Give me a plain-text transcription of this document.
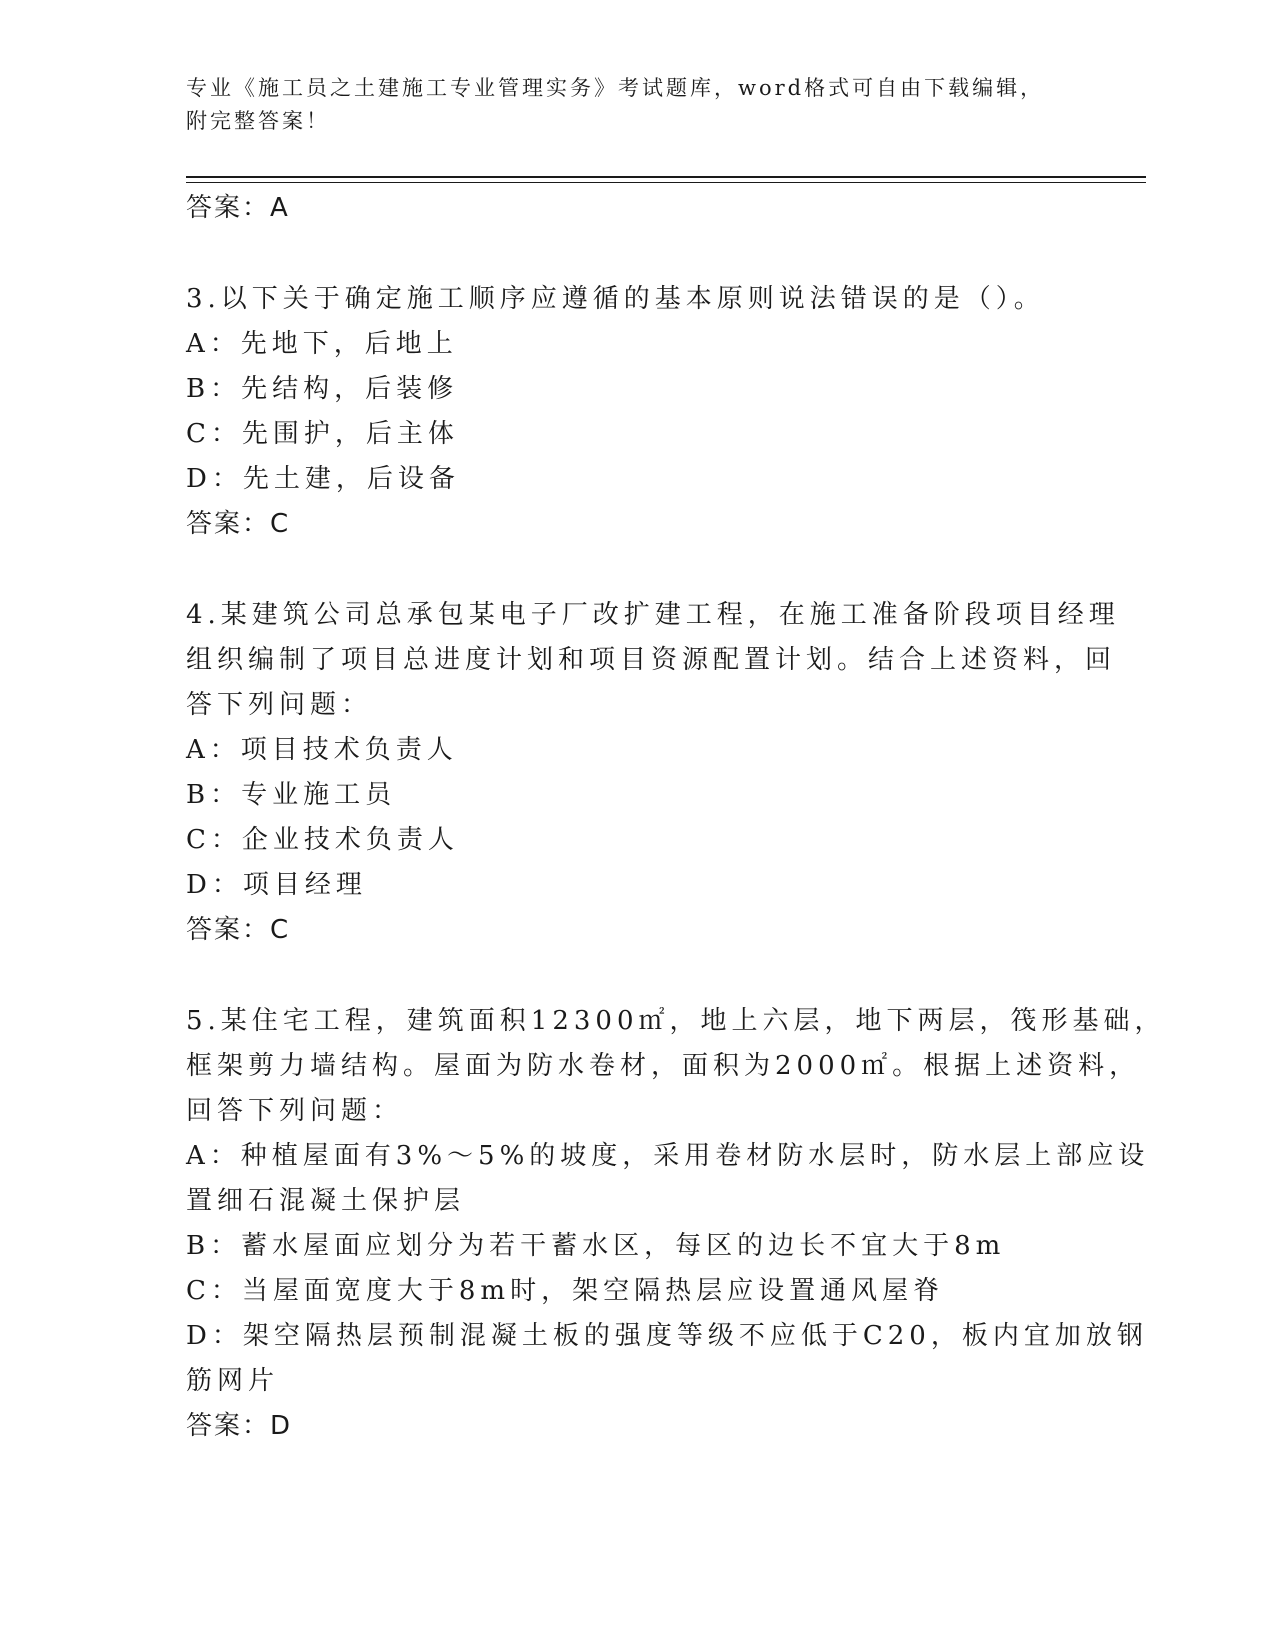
专业《施工员之土建施工专业管理实务》考试题库，word格式可自由下载编辑，
附完整答案！
答案：A
3.以下关于确定施工顺序应遵循的基本原则说法错误的是（）。
A：先地下，后地上
B：先结构，后装修
C：先围护，后主体
D：先土建，后设备
答案：C
4.某建筑公司总承包某电子厂改扩建工程，在施工准备阶段项目经理
组织编制了项目总进度计划和项目资源配置计划。结合上述资料，回
答下列问题：
A：项目技术负责人
B：专业施工员
C：企业技术负责人
D：项目经理
答案：C
5.某住宅工程，建筑面积12300㎡，地上六层，地下两层，筏形基础，
框架剪力墙结构。屋面为防水卷材，面积为2000㎡。根据上述资料，
回答下列问题：
A：种植屋面有3%～5%的坡度，采用卷材防水层时，防水层上部应设
置细石混凝土保护层
B：蓄水屋面应划分为若干蓄水区，每区的边长不宜大于8m
C：当屋面宽度大于8m时，架空隔热层应设置通风屋脊
D：架空隔热层预制混凝土板的强度等级不应低于C20，板内宜加放钢
筋网片
答案：D
